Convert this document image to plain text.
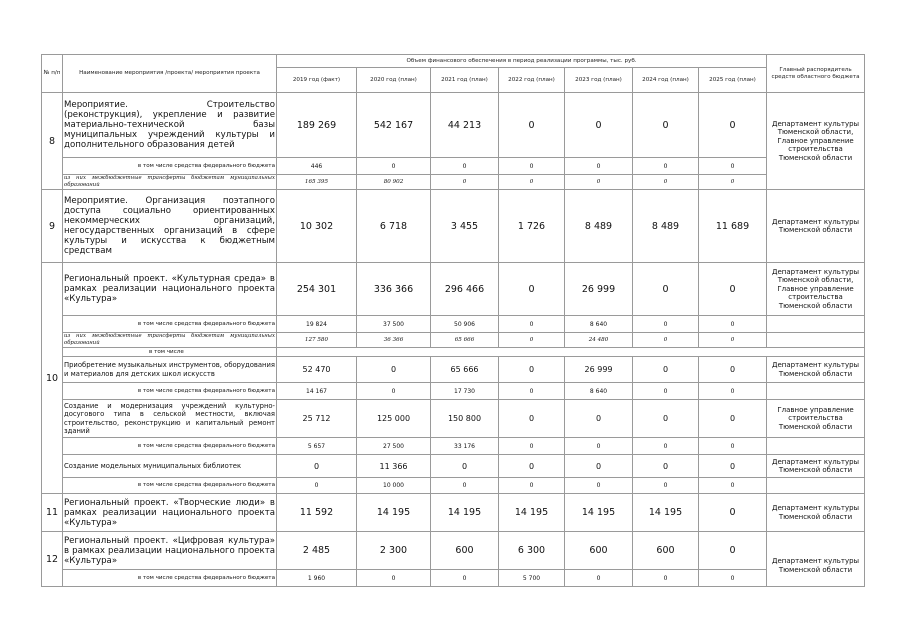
№ п/п	Наименование мероприятия /проекта/ мероприятия проекта	Объем финансового обеспечения в период реализации программы, тыс. руб.							Главный распорядитель средств областного бюджета
		2019 год (факт)	2020 год (план)	2021 год (план)	2022 год (план)	2023 год (план)	2024 год (план)	2025 год (план)	
8	Мероприятие. Строительство (реконструкция), укрепление и развитие материально-технической базы муниципальных учреждений культуры и дополнительного образования детей	189 269	542 167	44 213	0	0	0	0	Департамент культуры Тюменской области, Главное управление строительства Тюменской области
	в том числе средства федерального бюджета	446	0	0	0	0	0	0	
	из них межбюджетные трансферты бюджетам муниципальных образований	165 395	80 902	0	0	0	0	0	
9	Мероприятие. Организация поэтапного доступа социально ориентированных некоммерческих организаций, негосударственных организаций в сфере культуры и искусства к бюджетным средствам	10 302	6 718	3 455	1 726	8 489	8 489	11 689	Департамент культуры Тюменской области
10	Региональный проект. «Культурная среда» в рамках реализации национального проекта «Культура»	254 301	336 366	296 466	0	26 999	0	0	Департамент культуры Тюменской области, Главное управление строительства Тюменской области
	в том числе средства федерального бюджета	19 824	37 500	50 906	0	8 640	0	0	
	из них межбюджетные трансферты бюджетам муниципальных образований	127 580	36 366	65 666	0	24 480	0	0	
	в том числе								
	Приобретение музыкальных инструментов, оборудования и материалов для детских школ искусств	52 470	0	65 666	0	26 999	0	0	Департамент культуры Тюменской области
	в том числе средства федерального бюджета	14 167	0	17 730	0	8 640	0	0	
	Создание и модернизация учреждений культурно-досугового типа в сельской местности, включая строительство, реконструкцию и капитальный ремонт зданий	25 712	125 000	150 800	0	0	0	0	Главное управление строительства Тюменской области
	в том числе средства федерального бюджета	5 657	27 500	33 176	0	0	0	0	
	Создание модельных муниципальных библиотек	0	11 366	0	0	0	0	0	Департамент культуры Тюменской области
	в том числе средства федерального бюджета	0	10 000	0	0	0	0	0	
11	Региональный проект. «Творческие люди» в рамках реализации национального проекта «Культура»	11 592	14 195	14 195	14 195	14 195	14 195	0	Департамент культуры Тюменской области
12	Региональный проект. «Цифровая культура» в рамках реализации национального проекта «Культура»	2 485	2 300	600	6 300	600	600	0	Департамент культуры Тюменской области
	в том числе средства федерального бюджета	1 960	0	0	5 700	0	0	0	
